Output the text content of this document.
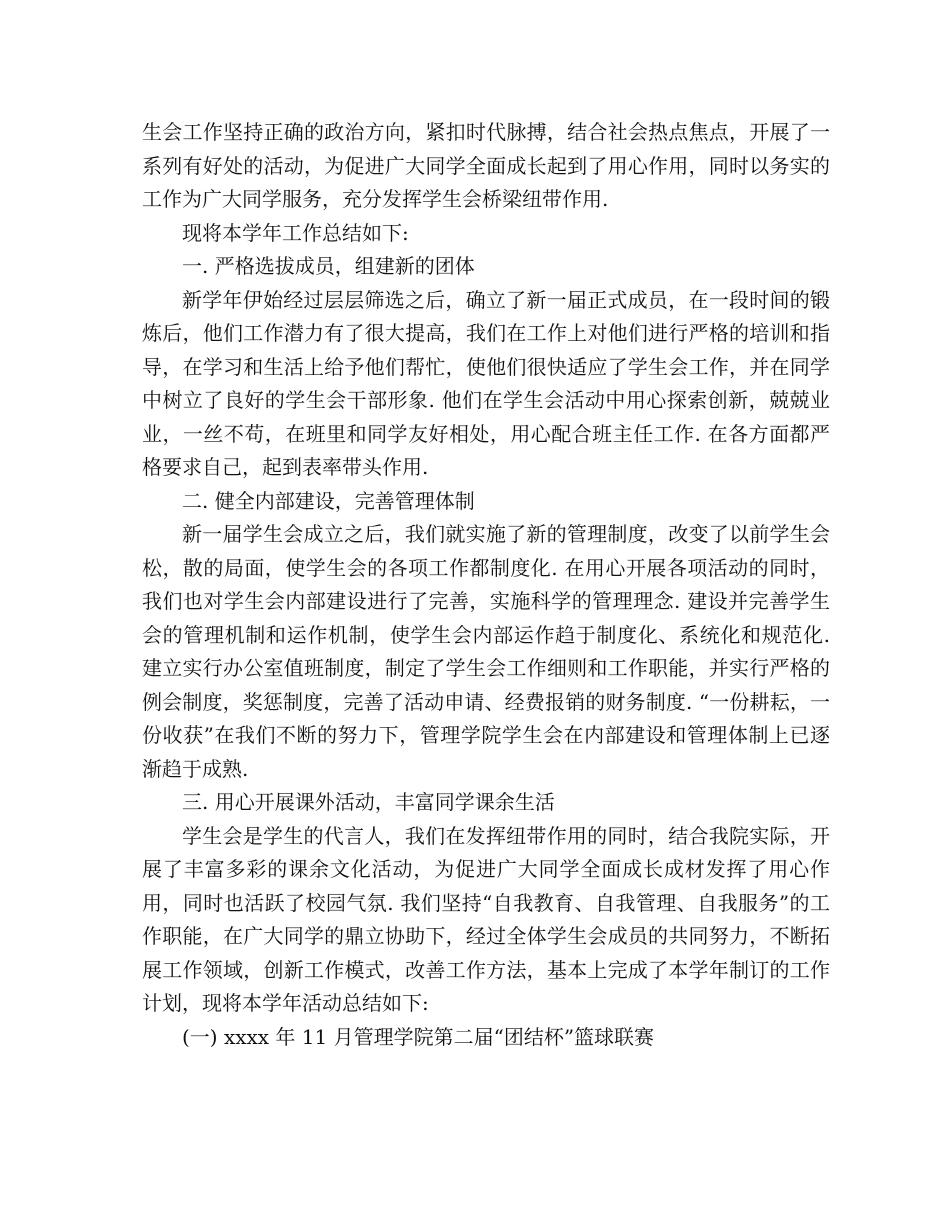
生会工作坚持正确的政治方向，紧扣时代脉搏，结合社会热点焦点，开展了一系列有好处的活动，为促进广大同学全面成长起到了用心作用，同时以务实的工作为广大同学服务，充分发挥学生会桥梁纽带作用.

现将本学年工作总结如下:

一. 严格选拔成员，组建新的团体

新学年伊始经过层层筛选之后，确立了新一届正式成员，在一段时间的锻炼后，他们工作潜力有了很大提高，我们在工作上对他们进行严格的培训和指导，在学习和生活上给予他们帮忙，使他们很快适应了学生会工作，并在同学中树立了良好的学生会干部形象. 他们在学生会活动中用心探索创新，兢兢业业，一丝不苟，在班里和同学友好相处，用心配合班主任工作. 在各方面都严格要求自己，起到表率带头作用.

二. 健全内部建设，完善管理体制

新一届学生会成立之后，我们就实施了新的管理制度，改变了以前学生会松，散的局面，使学生会的各项工作都制度化. 在用心开展各项活动的同时，我们也对学生会内部建设进行了完善，实施科学的管理理念. 建设并完善学生会的管理机制和运作机制，使学生会内部运作趋于制度化、系统化和规范化. 建立实行办公室值班制度，制定了学生会工作细则和工作职能，并实行严格的例会制度，奖惩制度，完善了活动申请、经费报销的财务制度. “一份耕耘，一份收获”在我们不断的努力下，管理学院学生会在内部建设和管理体制上已逐渐趋于成熟.

三. 用心开展课外活动，丰富同学课余生活

学生会是学生的代言人，我们在发挥纽带作用的同时，结合我院实际，开展了丰富多彩的课余文化活动，为促进广大同学全面成长成材发挥了用心作用，同时也活跃了校园气氛. 我们坚持“自我教育、自我管理、自我服务”的工作职能，在广大同学的鼎立协助下，经过全体学生会成员的共同努力，不断拓展工作领域，创新工作模式，改善工作方法，基本上完成了本学年制订的工作计划，现将本学年活动总结如下:

(一) xxxx 年 11 月管理学院第二届“团结杯”篮球联赛
